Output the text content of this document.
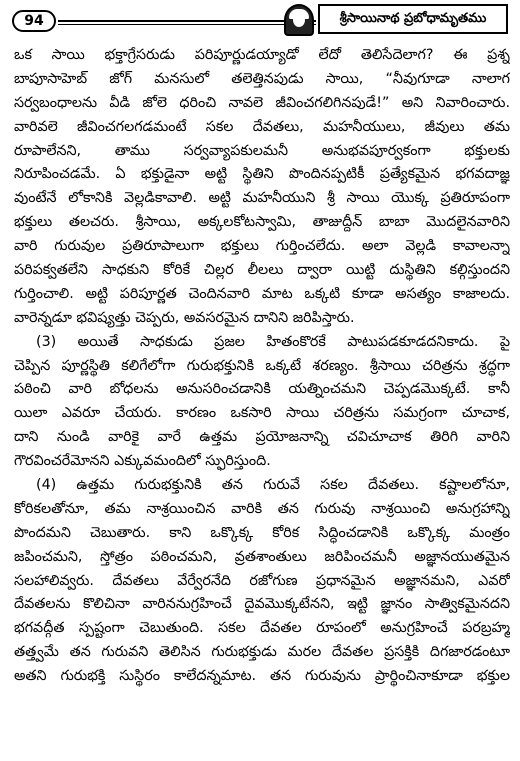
94	శ్రీసాయినాథ ప్రబోధామృతము
ఒక సాయి భక్తాగ్రేసరుడు పరిపూర్ణుడయ్యాడో లేదో తెలిసేదెలాగ? ఈ ప్రశ్న
బాపూసాహెబ్ జోగ్ మనసులో తలెత్తినపుడు సాయి, “నీవుగూడా నాలాగ
సర్వబంధాలను వీడి జోలె ధరించి నావలె జీవించగలిగినపుడే!” అని నివారించారు.
వారివలె జీవించగలగడమంటే సకల దేవతలు, మహనీయులు, జీవులు తమ
రూపాలేనని, తాము సర్వవ్యాపకులమనీ అనుభవపూర్వకంగా భక్తులకు
నిరూపించడమే. ఏ భక్తుడైనా అట్టి స్థితిని పొందినప్పటికీ ప్రత్యేకమైన భగవదాజ్ఞ
వుంటేనే లోకానికి వెల్లడికావాలి. అట్టి మహనీయుని శ్రీ సాయి యొక్క ప్రతిరూపంగా
భక్తులు తలచరు. శ్రీసాయి, అక్కలకోటస్వామి, తాజుద్దీన్ బాబా మొదలైనవారిని
వారి గురువుల ప్రతిరూపాలుగా భక్తులు గుర్తించలేదు. అలా వెల్లడి కావాలన్నా
పరిపక్వతలేని సాధకుని కోరికే చిల్లర లీలలు ద్వారా యిట్టి దుస్థితిని కల్గిస్తుందని
గుర్తించాలి. అట్టి పరిపూర్ణత చెందినవారి మాట ఒక్కటి కూడా అసత్యం కాజాలదు.
వారెన్నడూ భవిష్యత్తు చెప్పరు, అవసరమైన దానిని జరిపిస్తారు.
(3) అయితే సాధకుడు ప్రజల హితంకొరకే పాటుపడకూడదనికాదు. పై
చెప్పిన పూర్ణస్థితి కలిగేలోగా గురుభక్తునికి ఒక్కటే శరణ్యం. శ్రీసాయి చరిత్రను శ్రద్ధగా
పఠించి వారి బోధలను అనుసరించడానికి యత్నించమని చెప్పడమొక్కటే. కానీ
యిలా ఎవరూ చేయరు. కారణం ఒకసారి సాయి చరిత్రను సమగ్రంగా చూచాక,
దాని నుండి వారికై వారే ఉత్తమ ప్రయోజనాన్ని చవిచూచాక తిరిగి వారిని
గౌరవించరేమోనని ఎక్కువమందిలో స్ఫురిస్తుంది.
(4) ఉత్తమ గురుభక్తునికి తన గురువే సకల దేవతలు. కష్టాలలోనూ,
కోరికలతోనూ, తమ నాశ్రయించిన వారికి తన గురువు నాశ్రయించి అనుగ్రహాన్ని
పొందమని చెబుతారు. కాని ఒక్కొక్క కోరిక సిద్ధించడానికి ఒక్కొక్క మంత్రం
జపించమని, స్తోత్రం పఠించమని, వ్రతశాంతులు జరిపించమనీ అజ్ఞానయుతమైన
సలహాలివ్వరు. దేవతలు వేర్వేరనేది రజోగుణ ప్రధానమైన అజ్ఞానమని, ఎవరో
దేవతలను కొలిచినా వారిననుగ్రహించే దైవమొక్కటేనని, ఇట్టి జ్ఞానం సాత్వికమైనదని
భగవద్గీత స్పష్టంగా చెబుతుంది. సకల దేవతల రూపంలో అనుగ్రహించే పరబ్రహ్మ
తత్త్వమే తన గురువని తెలిసిన గురుభక్తుడు మరల దేవతల ప్రసక్తికి దిగజారడంటూ
అతని గురుభక్తి సుస్థిరం కాలేదన్నమాట. తన గురువును ప్రార్థించినాకూడా భక్తుల
